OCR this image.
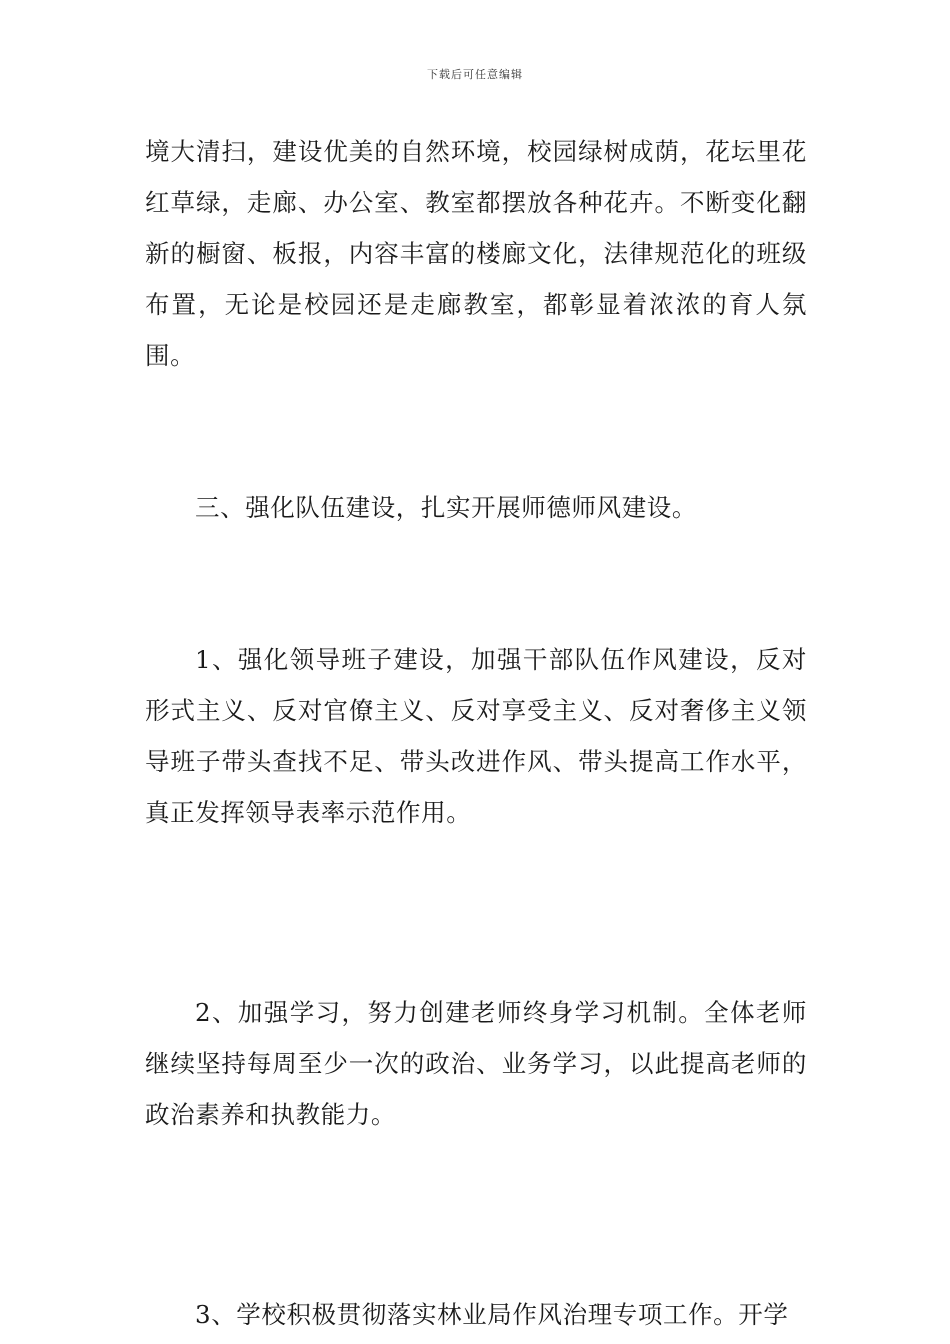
下载后可任意编辑

境大清扫，建设优美的自然环境，校园绿树成荫，花坛里花红草绿，走廊、办公室、教室都摆放各种花卉。不断变化翻新的橱窗、板报，内容丰富的楼廊文化，法律规范化的班级布置，无论是校园还是走廊教室，都彰显着浓浓的育人氛围。

三、强化队伍建设，扎实开展师德师风建设。

1、强化领导班子建设，加强干部队伍作风建设，反对形式主义、反对官僚主义、反对享受主义、反对奢侈主义领导班子带头查找不足、带头改进作风、带头提高工作水平，真正发挥领导表率示范作用。

2、加强学习，努力创建老师终身学习机制。全体老师继续坚持每周至少一次的政治、业务学习，以此提高老师的政治素养和执教能力。

3、学校积极贯彻落实林业局作风治理专项工作。开学
